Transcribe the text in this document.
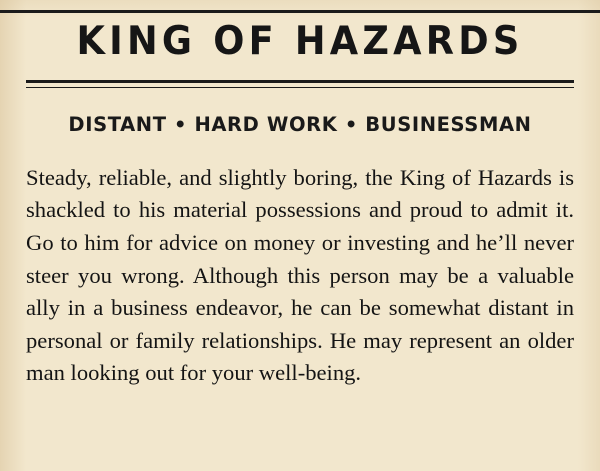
KING OF HAZARDS

DISTANT • HARD WORK • BUSINESSMAN

Steady, reliable, and slightly boring, the King of Hazards is shackled to his material possessions and proud to admit it. Go to him for advice on money or investing and he’ll never steer you wrong. Although this person may be a valuable ally in a business endeavor, he can be somewhat distant in personal or family relationships. He may represent an older man looking out for your well-being.
